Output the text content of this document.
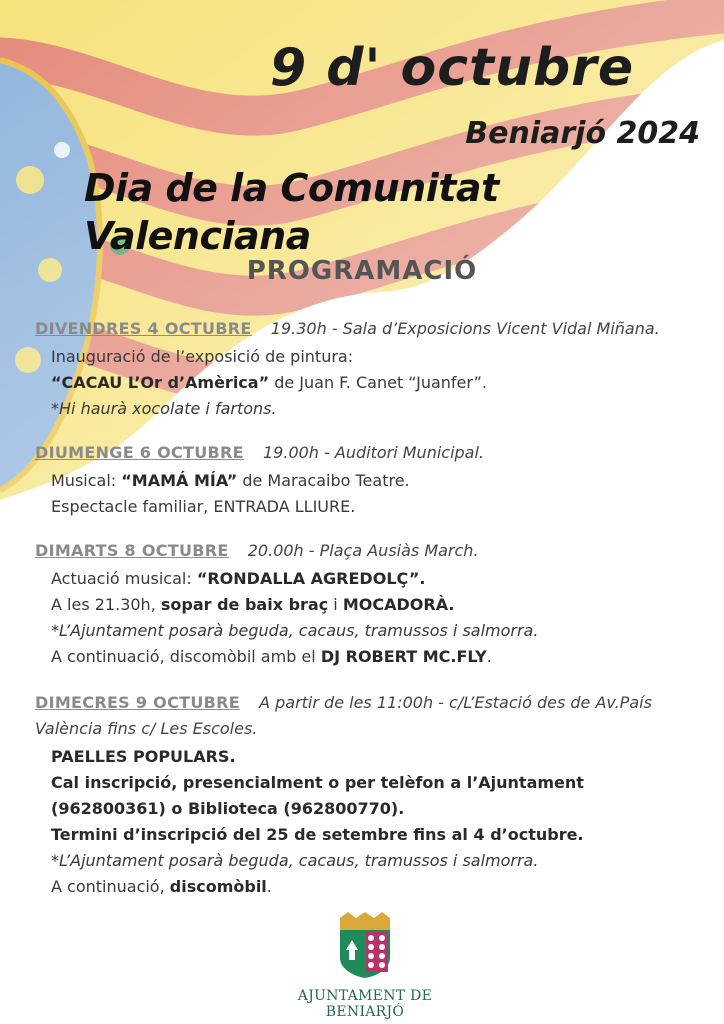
9 d' octubre
Beniarjó 2024
Dia de la Comunitat Valenciana
PROGRAMACIÓ
DIVENDRES 4 OCTUBRE 19.30h - Sala d’Exposicions Vicent Vidal Miñana.
Inauguració de l’exposició de pintura:
“CACAU L’Or d’Amèrica” de Juan F. Canet “Juanfer”.
*Hi haurà xocolate i fartons.
DIUMENGE 6 OCTUBRE 19.00h - Auditori Municipal.
Musical: “MAMÁ MÍA” de Maracaibo Teatre.
Espectacle familiar, ENTRADA LLIURE.
DIMARTS 8 OCTUBRE 20.00h - Plaça Ausiàs March.
Actuació musical: “RONDALLA AGREDOLÇ”.
A les 21.30h, sopar de baix braç i MOCADORÀ.
*L’Ajuntament posarà beguda, cacaus, tramussos i salmorra.
A continuació, discomòbil amb el DJ ROBERT MC.FLY.
DIMECRES 9 OCTUBRE A partir de les 11:00h - c/L’Estació des de Av.País
València fins c/ Les Escoles.
PAELLES POPULARS.
Cal inscripció, presencialment o per telèfon a l’Ajuntament
(962800361) o Biblioteca (962800770).
Termini d’inscripció del 25 de setembre fins al 4 d’octubre.
*L’Ajuntament posarà beguda, cacaus, tramussos i salmorra.
A continuació, discomòbil.
AJUNTAMENT DE BENIARJÓ
